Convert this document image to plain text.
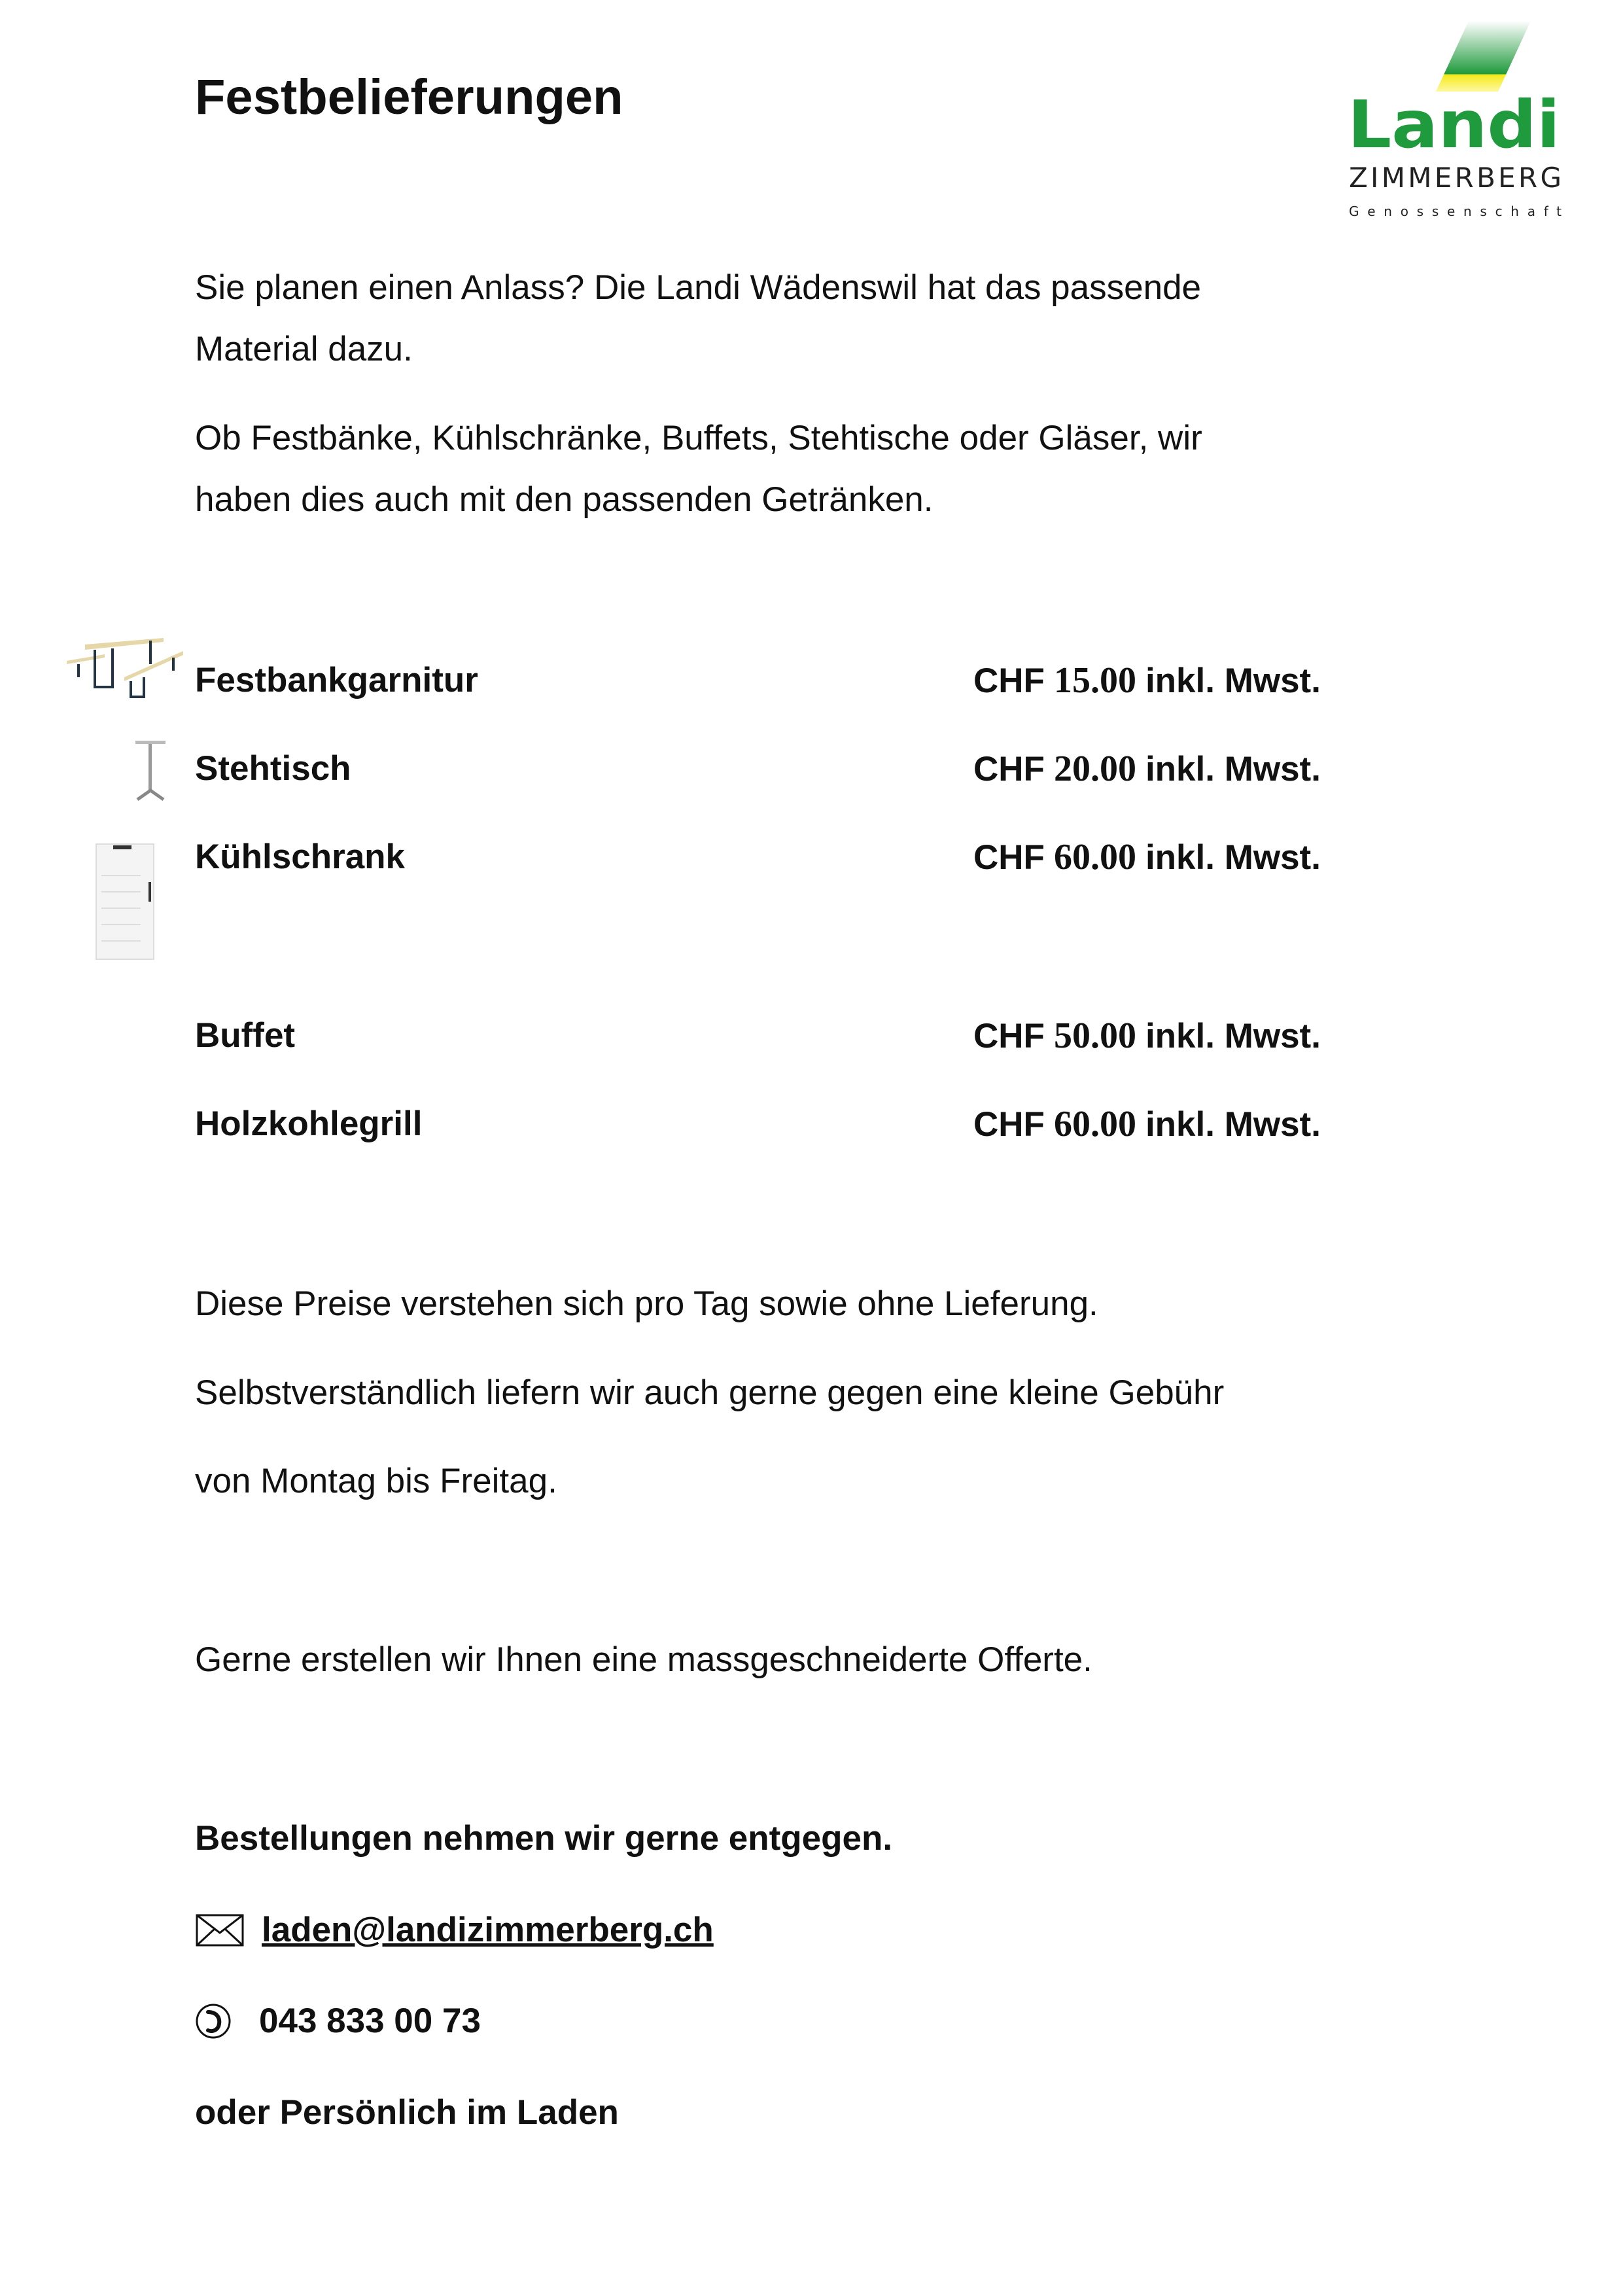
Festbelieferungen	Landi
ZIMMERBERG
Genossenschaft
Sie planen einen Anlass? Die Landi Wädenswil hat das passende
Material dazu.
Ob Festbänke, Kühlschränke, Buffets, Stehtische oder Gläser, wir
haben dies auch mit den passenden Getränken.
Festbankgarnitur	CHF 15.00 inkl. Mwst.
Stehtisch	CHF 20.00 inkl. Mwst.
Kühlschrank	CHF 60.00 inkl. Mwst.
Buffet	CHF 50.00 inkl. Mwst.
Holzkohlegrill	CHF 60.00 inkl. Mwst.
Diese Preise verstehen sich pro Tag sowie ohne Lieferung.
Selbstverständlich liefern wir auch gerne gegen eine kleine Gebühr
von Montag bis Freitag.
Gerne erstellen wir Ihnen eine massgeschneiderte Offerte.
Bestellungen nehmen wir gerne entgegen.
laden@landizimmerberg.ch
043 833 00 73
oder Persönlich im Laden
